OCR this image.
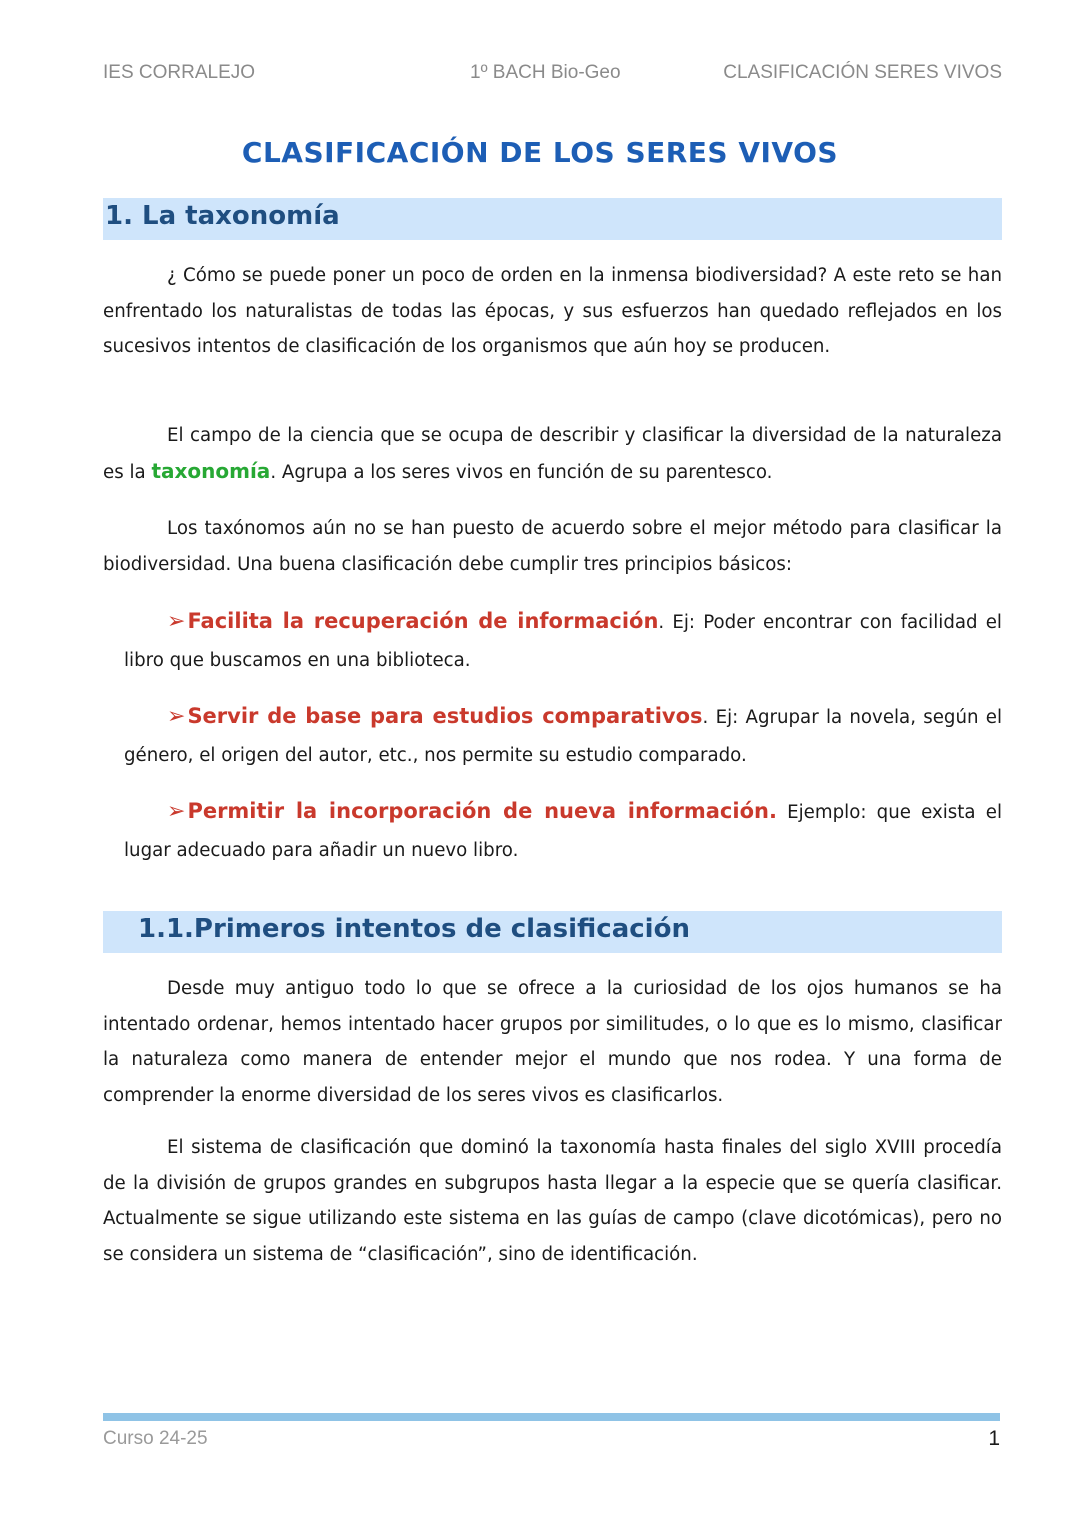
IES CORRALEJO	1º BACH Bio-Geo	CLASIFICACIÓN SERES VIVOS
CLASIFICACIÓN DE LOS SERES VIVOS
1. La taxonomía

¿ Cómo se puede poner un poco de orden en la inmensa biodiversidad? A este reto se han enfrentado los naturalistas de todas las épocas, y sus esfuerzos han quedado reflejados en los sucesivos intentos de clasificación de los organismos que aún hoy se producen.

El campo de la ciencia que se ocupa de describir y clasificar la diversidad de la naturaleza es la taxonomía. Agrupa a los seres vivos en función de su parentesco.

Los taxónomos aún no se han puesto de acuerdo sobre el mejor método para clasificar la biodiversidad. Una buena clasificación debe cumplir tres principios básicos:

➢Facilita la recuperación de información. Ej: Poder encontrar con facilidad el libro que buscamos en una biblioteca.

➢Servir de base para estudios comparativos. Ej: Agrupar la novela, según el género, el origen del autor, etc., nos permite su estudio comparado.

➢Permitir la incorporación de nueva información. Ejemplo: que exista el lugar adecuado para añadir un nuevo libro.

1.1.Primeros intentos de clasificación

Desde muy antiguo todo lo que se ofrece a la curiosidad de los ojos humanos se ha intentado ordenar, hemos intentado hacer grupos por similitudes, o lo que es lo mismo, clasificar la naturaleza como manera de entender mejor el mundo que nos rodea. Y una forma de comprender la enorme diversidad de los seres vivos es clasificarlos.

El sistema de clasificación que dominó la taxonomía hasta finales del siglo XVIII procedía de la división de grupos grandes en subgrupos hasta llegar a la especie que se quería clasificar. Actualmente se sigue utilizando este sistema en las guías de campo (clave dicotómicas), pero no se considera un sistema de “clasificación”, sino de identificación.

Curso 24-25	1
